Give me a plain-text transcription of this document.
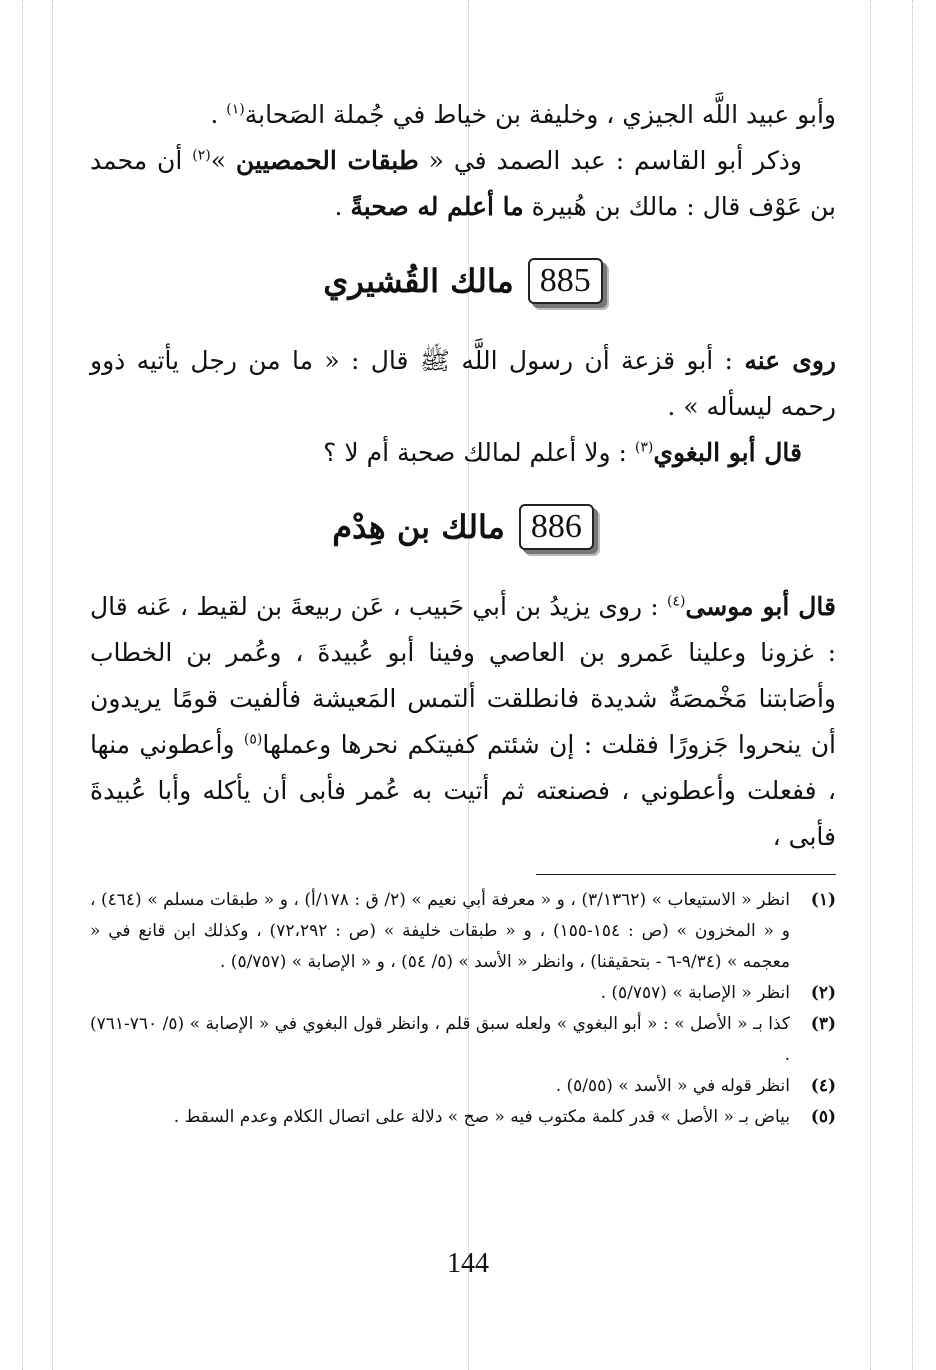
وأبو عبيد اللَّه الجيزي ، وخليفة بن خياط في جُملة الصَحابة$^{(١)}$ .

وذكر أبو القاسم : عبد الصمد في « طبقات الحمصيين »$^{(٢)}$ أن محمد بن عَوْف قال : مالك بن هُبيرة ما أعلم له صحبةً .

885
مالك القُشيري

روى عنه : أبو قزعة أن رسول اللَّه ﷺ قال : « ما من رجل يأتيه ذوو رحمه ليسأله » .

قال أبو البغوي$^{(٣)}$ : ولا أعلم لمالك صحبة أم لا ؟

886
مالك بن هِدْم

قال أبو موسى$^{(٤)}$ : روى يزيدُ بن أبي حَبيب ، عَن ربيعةَ بن لقيط ، عَنه قال : غزونا وعلينا عَمرو بن العاصي وفينا أبو عُبيدةَ ، وعُمر بن الخطاب وأصَابتنا مَخْمصَةٌ شديدة فانطلقت ألتمس المَعيشة فألفيت قومًا يريدون أن ينحروا جَزورًا فقلت : إن شئتم كفيتكم نحرها وعملها$^{(٥)}$ وأعطوني منها ، ففعلت وأعطوني ، فصنعته ثم أتيت به عُمر فأبى أن يأكله وأبا عُبيدةَ فأبى ،

(١)
انظر « الاستيعاب » (٣/١٣٦٢) ، و « معرفة أبي نعيم » (٢/ ق : ١٧٨/أ) ، و « طبقات مسلم » (٤٦٤) ، و « المخزون » (ص : ١٥٤-١٥٥) ، و « طبقات خليفة » (ص : ٧٢،٢٩٢) ، وكذلك ابن قانع في « معجمه » (٩/٣٤-٦ - بتحقيقنا) ، وانظر « الأسد » (٥/ ٥٤) ، و « الإصابة » (٥/٧٥٧) .
(٢)
انظر « الإصابة » (٥/٧٥٧) .
(٣)
كذا بـ « الأصل » : « أبو البغوي » ولعله سبق قلم ، وانظر قول البغوي في « الإصابة » (٥/ ٧٦٠-٧٦١) .
(٤)
انظر قوله في « الأسد » (٥/٥٥) .
(٥)
بياض بـ « الأصل » قدر كلمة مكتوب فيه « صح » دلالة على اتصال الكلام وعدم السقط .
144
